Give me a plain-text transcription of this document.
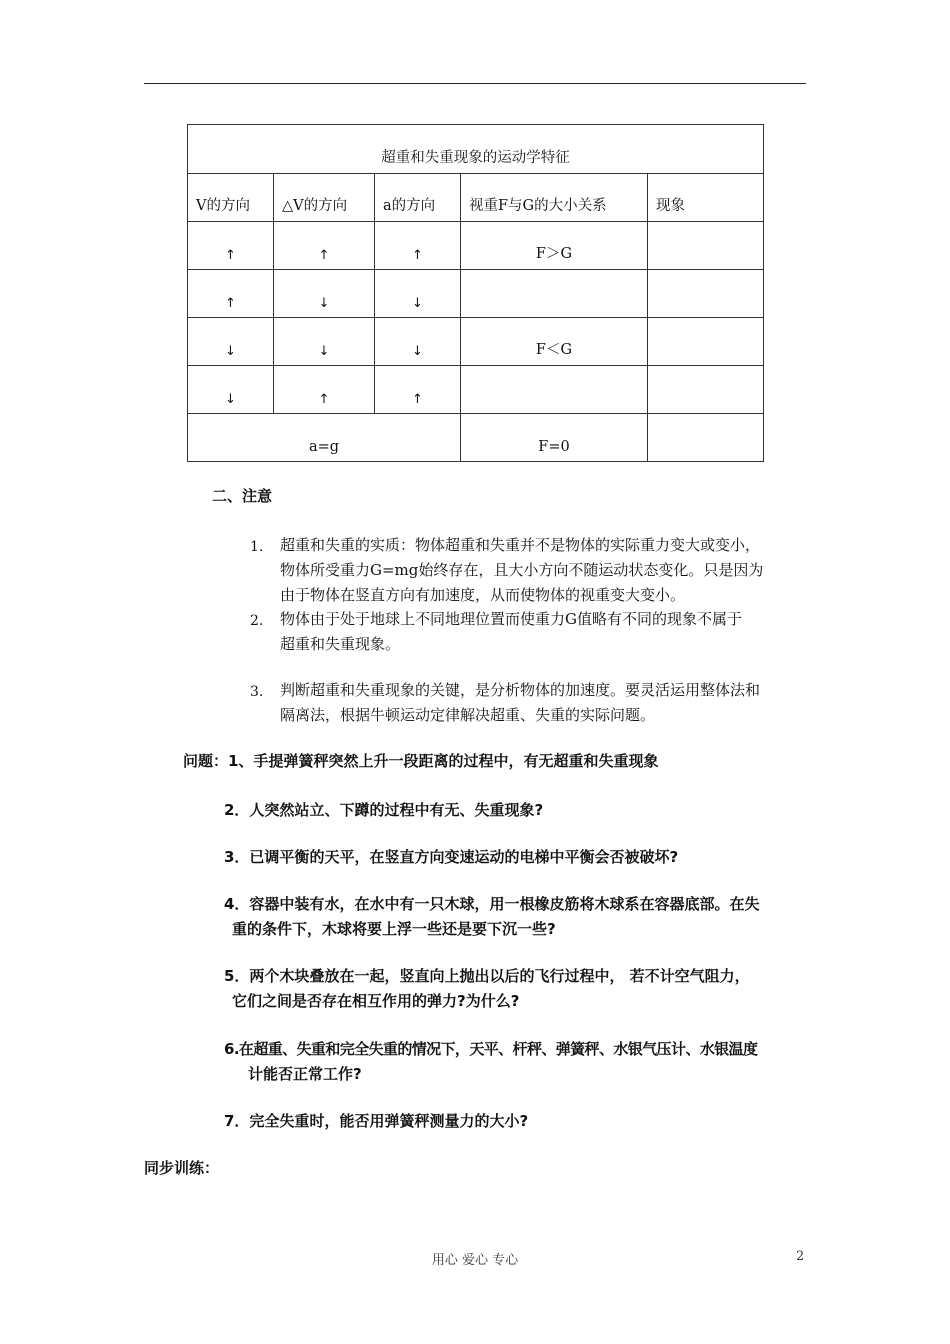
超重和失重现象的运动学特征				
V的方向	△V的方向	a的方向	视重F与G的大小关系	现象
↑	↑	↑	F＞G	
↑	↓	↓		
↓	↓	↓	F＜G	
↓	↑	↑		
a=g			F=0	
二、注意
1. 超重和失重的实质：物体超重和失重并不是物体的实际重力变大或变小，
物体所受重力G=mg始终存在，且大小方向不随运动状态变化。只是因为
由于物体在竖直方向有加速度，从而使物体的视重变大变小。
2. 物体由于处于地球上不同地理位置而使重力G值略有不同的现象不属于
超重和失重现象。
3. 判断超重和失重现象的关键，是分析物体的加速度。要灵活运用整体法和
隔离法，根据牛顿运动定律解决超重、失重的实际问题。
问题：1、手提弹簧秤突然上升一段距离的过程中，有无超重和失重现象
2．人突然站立、下蹲的过程中有无、失重现象?
3．已调平衡的天平，在竖直方向变速运动的电梯中平衡会否被破坏?
4．容器中装有水，在水中有一只木球，用一根橡皮筋将木球系在容器底部。在失
重的条件下，木球将要上浮一些还是要下沉一些?
5．两个木块叠放在一起，竖直向上抛出以后的飞行过程中， 若不计空气阻力，
它们之间是否存在相互作用的弹力?为什么?
6.在超重、失重和完全失重的情况下，天平、杆秤、弹簧秤、水银气压计、水银温度
计能否正常工作?
7．完全失重时，能否用弹簧秤测量力的大小?
同步训练：
用心 爱心 专心	2
